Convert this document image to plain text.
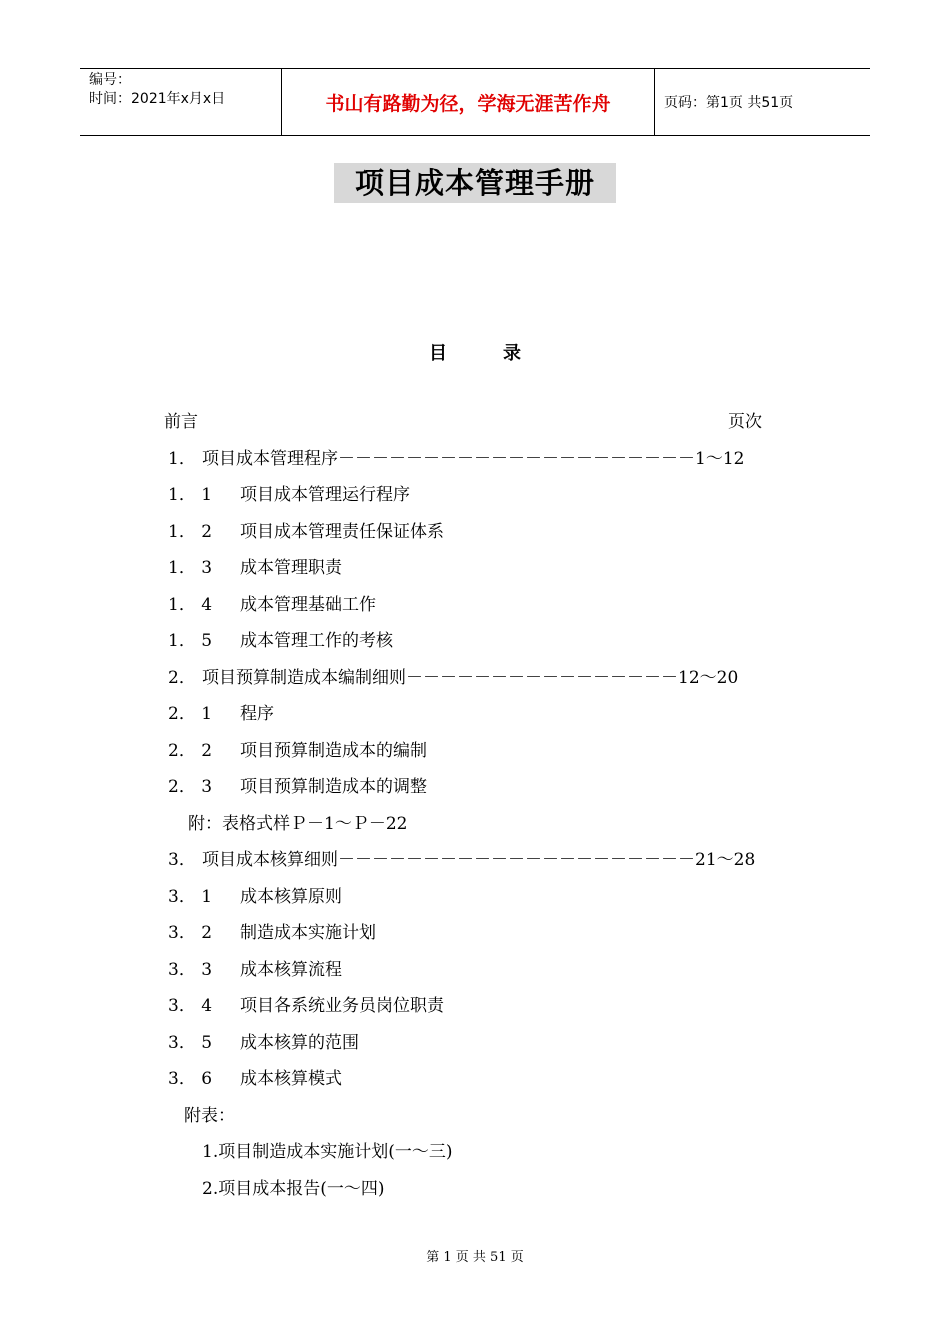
编号：
时间：2021年x月x日	书山有路勤为径，学海无涯苦作舟	页码：第1页 共51页
项目成本管理手册
目	录
前言	页次
1． 项目成本管理程序－－－－－－－－－－－－－－－－－－－－－1～12
1． 1 项目成本管理运行程序
1． 2 项目成本管理责任保证体系
1． 3 成本管理职责
1． 4 成本管理基础工作
1． 5 成本管理工作的考核
2． 项目预算制造成本编制细则－－－－－－－－－－－－－－－－12～20
2． 1 程序
2． 2 项目预算制造成本的编制
2． 3 项目预算制造成本的调整
附：表格式样Ｐ－1～Ｐ－22
3． 项目成本核算细则－－－－－－－－－－－－－－－－－－－－－21～28
3． 1 成本核算原则
3． 2 制造成本实施计划
3． 3 成本核算流程
3． 4 项目各系统业务员岗位职责
3． 5 成本核算的范围
3． 6 成本核算模式
附表：
1.项目制造成本实施计划(一～三)
2.项目成本报告(一～四)
第 1 页 共 51 页
